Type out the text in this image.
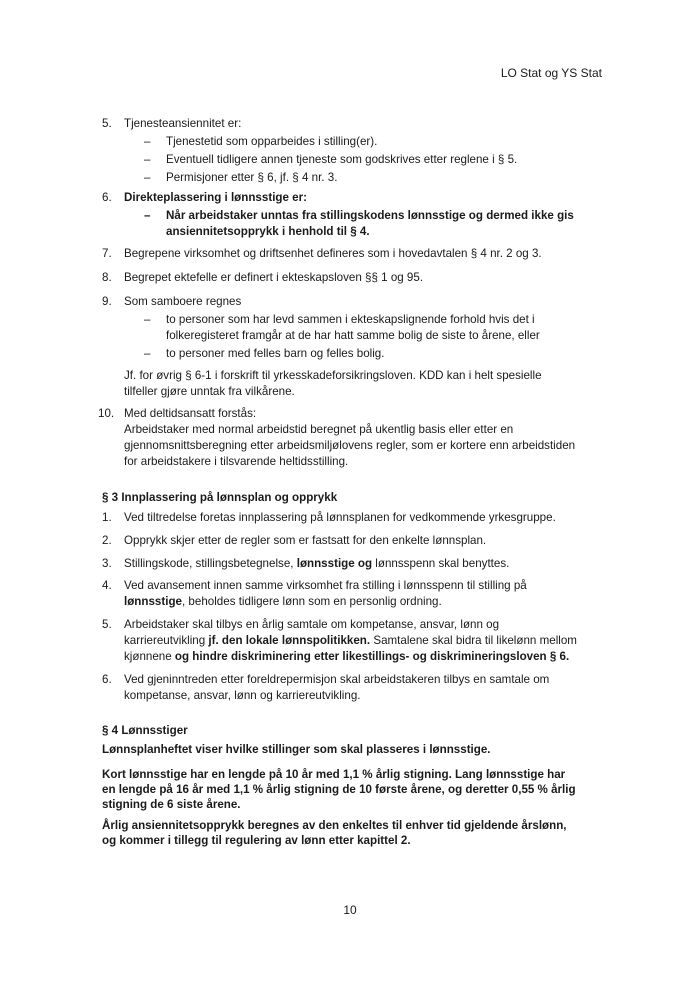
LO Stat og YS Stat
5. Tjenesteansiennitet er:
– Tjenestetid som opparbeides i stilling(er).
– Eventuell tidligere annen tjeneste som godskrives etter reglene i § 5.
– Permisjoner etter § 6, jf. § 4 nr. 3.
6. Direkteplassering i lønnsstige er:
– Når arbeidstaker unntas fra stillingskodens lønnsstige og dermed ikke gis
ansiennitetsopprykk i henhold til § 4.
7. Begrepene virksomhet og driftsenhet defineres som i hovedavtalen § 4 nr. 2 og 3.
8. Begrepet ektefelle er definert i ekteskapsloven §§ 1 og 95.
9. Som samboere regnes
– to personer som har levd sammen i ekteskapslignende forhold hvis det i
folkeregisteret framgår at de har hatt samme bolig de siste to årene, eller
– to personer med felles barn og felles bolig.
Jf. for øvrig § 6-1 i forskrift til yrkesskadeforsikringsloven. KDD kan i helt spesielle
tilfeller gjøre unntak fra vilkårene.
10. Med deltidsansatt forstås:
Arbeidstaker med normal arbeidstid beregnet på ukentlig basis eller etter en
gjennomsnittsberegning etter arbeidsmiljølovens regler, som er kortere enn arbeidstiden
for arbeidstakere i tilsvarende heltidsstilling.
§ 3 Innplassering på lønnsplan og opprykk
1. Ved tiltredelse foretas innplassering på lønnsplanen for vedkommende yrkesgruppe.
2. Opprykk skjer etter de regler som er fastsatt for den enkelte lønnsplan.
3. Stillingskode, stillingsbetegnelse, lønnsstige og lønnsspenn skal benyttes.
4. Ved avansement innen samme virksomhet fra stilling i lønnsspenn til stilling på
lønnsstige, beholdes tidligere lønn som en personlig ordning.
5. Arbeidstaker skal tilbys en årlig samtale om kompetanse, ansvar, lønn og
karriereutvikling jf. den lokale lønnspolitikken. Samtalene skal bidra til likelønn mellom
kjønnene og hindre diskriminering etter likestillings- og diskrimineringsloven § 6.
6. Ved gjeninntreden etter foreldrepermisjon skal arbeidstakeren tilbys en samtale om
kompetanse, ansvar, lønn og karriereutvikling.
§ 4 Lønnsstiger
Lønnsplanheftet viser hvilke stillinger som skal plasseres i lønnsstige.
Kort lønnsstige har en lengde på 10 år med 1,1 % årlig stigning. Lang lønnsstige har
en lengde på 16 år med 1,1 % årlig stigning de 10 første årene, og deretter 0,55 % årlig
stigning de 6 siste årene.
Årlig ansiennitetsopprykk beregnes av den enkeltes til enhver tid gjeldende årslønn,
og kommer i tillegg til regulering av lønn etter kapittel 2.
10
